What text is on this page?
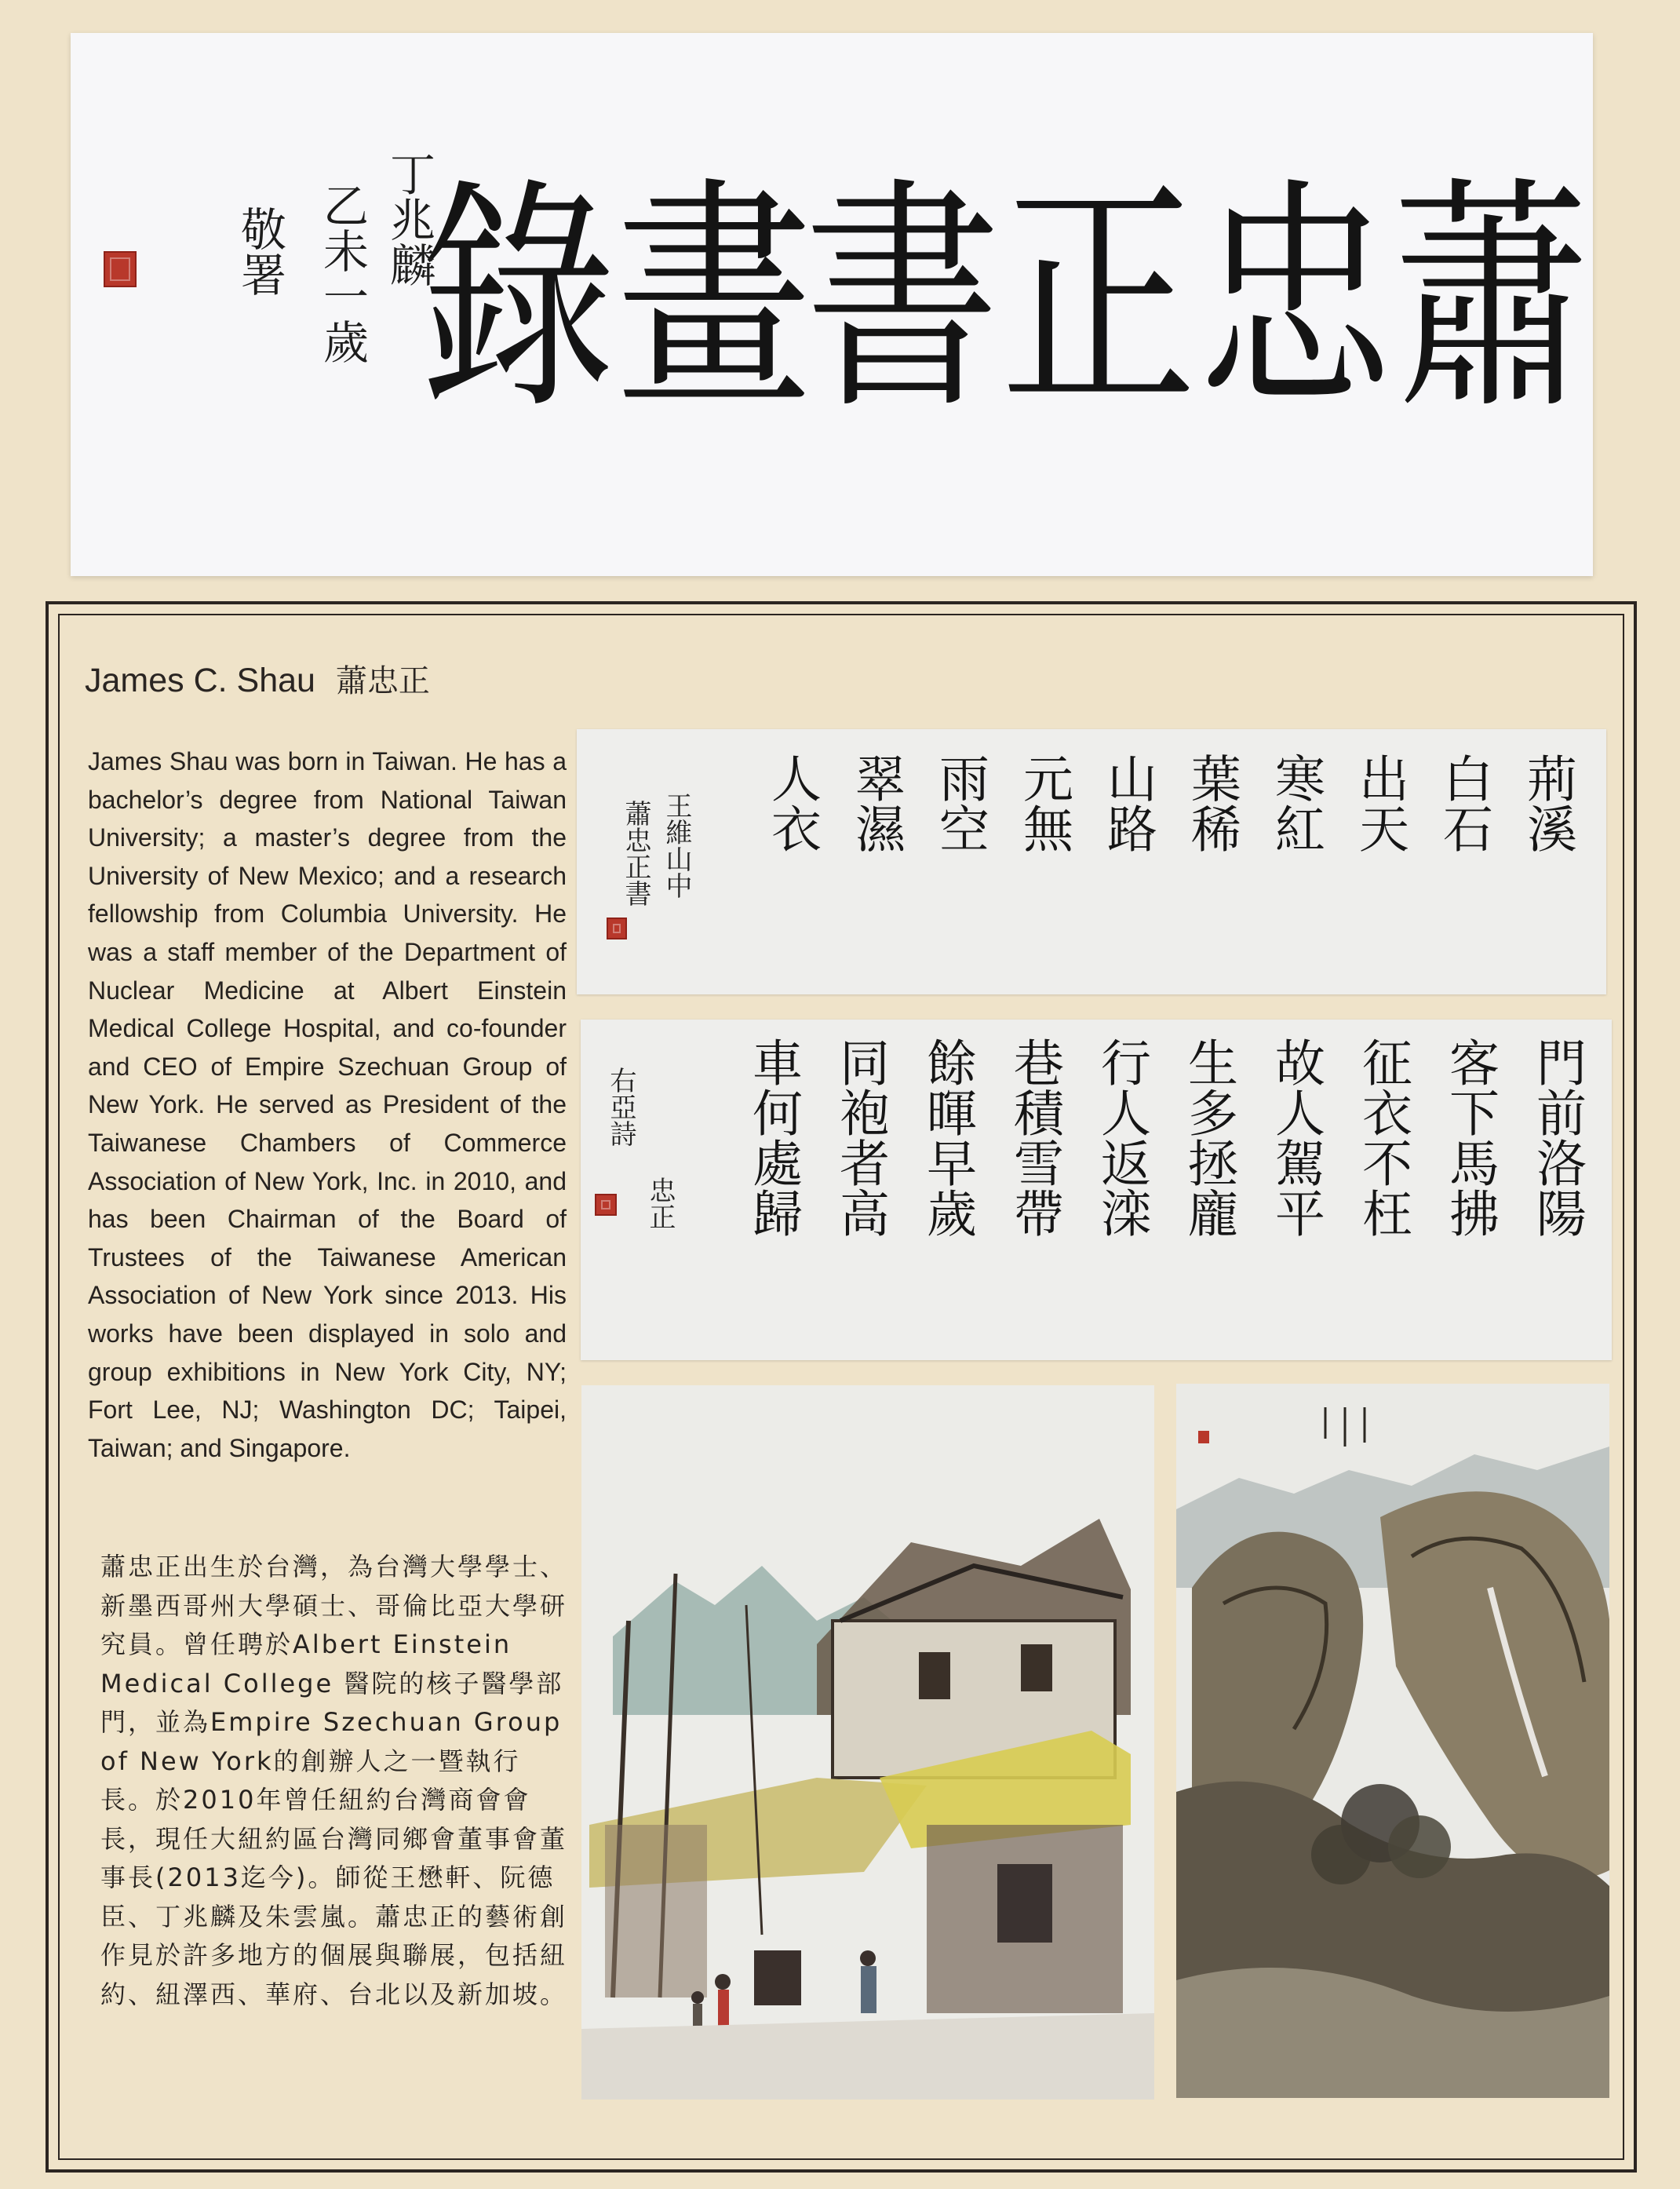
蕭
忠
正
書
畫
錄
丁兆麟
乙未一歲
敬署
James C. Shau 蕭忠正
James Shau was born in Taiwan. He has a bachelor’s degree from National Taiwan University; a master’s degree from the University of New Mexico; and a research fellowship from Columbia University. He was a staff member of the Department of Nuclear Medicine at Albert Einstein Medical College Hospital, and co-founder and CEO of Empire Szechuan Group of New York. He served as President of the Taiwanese Chambers of Commerce Association of New York, Inc. in 2010, and has been Chairman of the Board of Trustees of the Taiwanese American Association of New York since 2013. His works have been displayed in solo and group exhibitions in New York City, NY; Fort Lee, NJ; Washington DC; Taipei, Taiwan; and Singapore.
蕭忠正出生於台灣，為台灣大學學士、新墨西哥州大學碩士、哥倫比亞大學研究員。曾任聘於Albert Einstein Medical College 醫院的核子醫學部門，並為Empire Szechuan Group of New York的創辦人之一暨執行長。於2010年曾任紐約台灣商會會長，現任大紐約區台灣同鄉會董事會董事長(2013迄今)。師從王懋軒、阮德臣、丁兆麟及朱雲嵐。蕭忠正的藝術創作見於許多地方的個展與聯展，包括紐約、紐澤西、華府、台北以及新加坡。
荊溪
白石
出天
寒紅
葉稀
山路
元無
雨空
翠濕
人衣
王維山中
蕭忠正書
門前洛陽
客下馬拂
征衣不枉
故人駕平
生多拯龐
行人返滦
巷積雪帶
餘暉早歲
同袍者高
車何處歸
右亞詩
忠正
